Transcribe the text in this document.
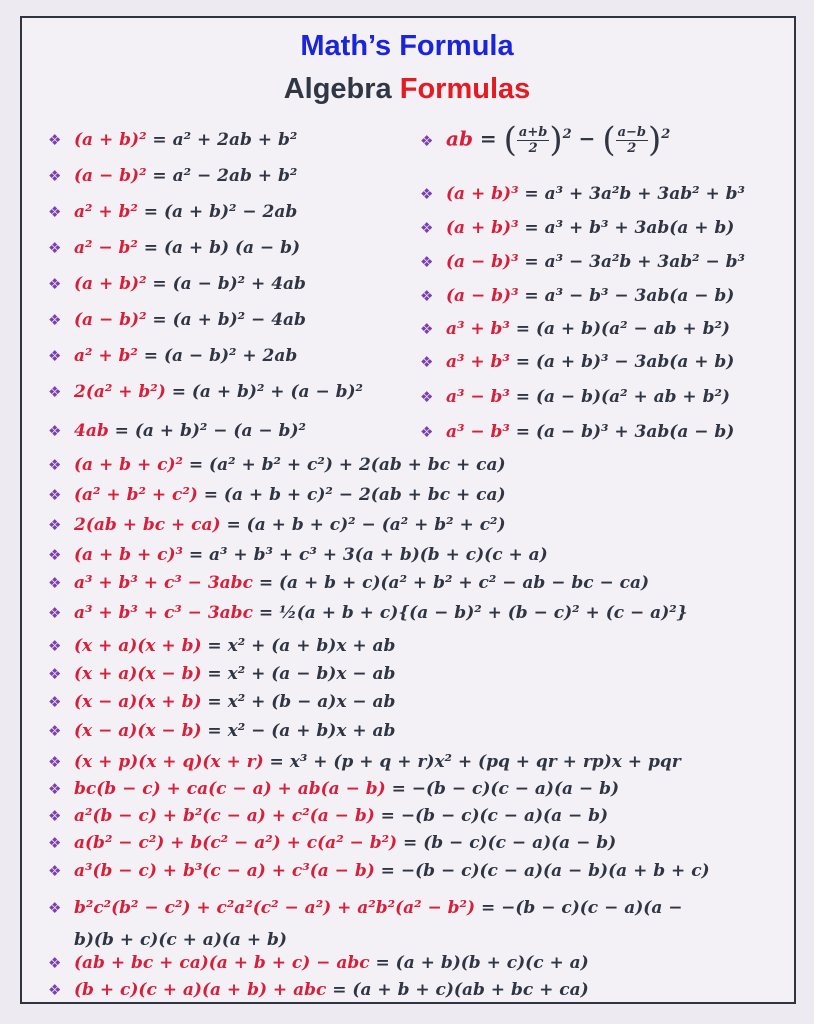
Math’s Formula
Algebra Formulas
❖ (a + b)² = a² + 2ab + b²
❖ (a − b)² = a² − 2ab + b²
❖ a² + b² = (a + b)² − 2ab
❖ a² − b² = (a + b) (a − b)
❖ (a + b)² = (a − b)² + 4ab
❖ (a − b)² = (a + b)² − 4ab
❖ a² + b² = (a − b)² + 2ab
❖ 2(a² + b²) = (a + b)² + (a − b)²
❖ 4ab = (a + b)² − (a − b)²
❖ ab = ( $\frac{a+b}{2} )^2$ − ( $\frac{a-b}{2} )^2$
❖ (a + b)³ = a³ + 3a²b + 3ab² + b³
❖ (a + b)³ = a³ + b³ + 3ab(a + b)
❖ (a − b)³ = a³ − 3a²b + 3ab² − b³
❖ (a − b)³ = a³ − b³ − 3ab(a − b)
❖ a³ + b³ = (a + b)(a² − ab + b²)
❖ a³ + b³ = (a + b)³ − 3ab(a + b)
❖ a³ − b³ = (a − b)(a² + ab + b²)
❖ a³ − b³ = (a − b)³ + 3ab(a − b)
❖ (a + b + c)² = (a² + b² + c²) + 2(ab + bc + ca)
❖ (a² + b² + c²) = (a + b + c)² − 2(ab + bc + ca)
❖ 2(ab + bc + ca) = (a + b + c)² − (a² + b² + c²)
❖ (a + b + c)³ = a³ + b³ + c³ + 3(a + b)(b + c)(c + a)
❖ a³ + b³ + c³ − 3abc = (a + b + c)(a² + b² + c² − ab − bc − ca)
❖ a³ + b³ + c³ − 3abc = ½(a + b + c){(a − b)² + (b − c)² + (c − a)²}
❖ (x + a)(x + b) = x² + (a + b)x + ab
❖ (x + a)(x − b) = x² + (a − b)x − ab
❖ (x − a)(x + b) = x² + (b − a)x − ab
❖ (x − a)(x − b) = x² − (a + b)x + ab
❖ (x + p)(x + q)(x + r) = x³ + (p + q + r)x² + (pq + qr + rp)x + pqr
❖ bc(b − c) + ca(c − a) + ab(a − b) = −(b − c)(c − a)(a − b)
❖ a²(b − c) + b²(c − a) + c²(a − b) = −(b − c)(c − a)(a − b)
❖ a(b² − c²) + b(c² − a²) + c(a² − b²) = (b − c)(c − a)(a − b)
❖ a³(b − c) + b³(c − a) + c³(a − b) = −(b − c)(c − a)(a − b)(a + b + c)
❖ b²c²(b² − c²) + c²a²(c² − a²) + a²b²(a² − b²) = −(b − c)(c − a)(a −
b)(b + c)(c + a)(a + b)
❖ (ab + bc + ca)(a + b + c) − abc = (a + b)(b + c)(c + a)
❖ (b + c)(c + a)(a + b) + abc = (a + b + c)(ab + bc + ca)
